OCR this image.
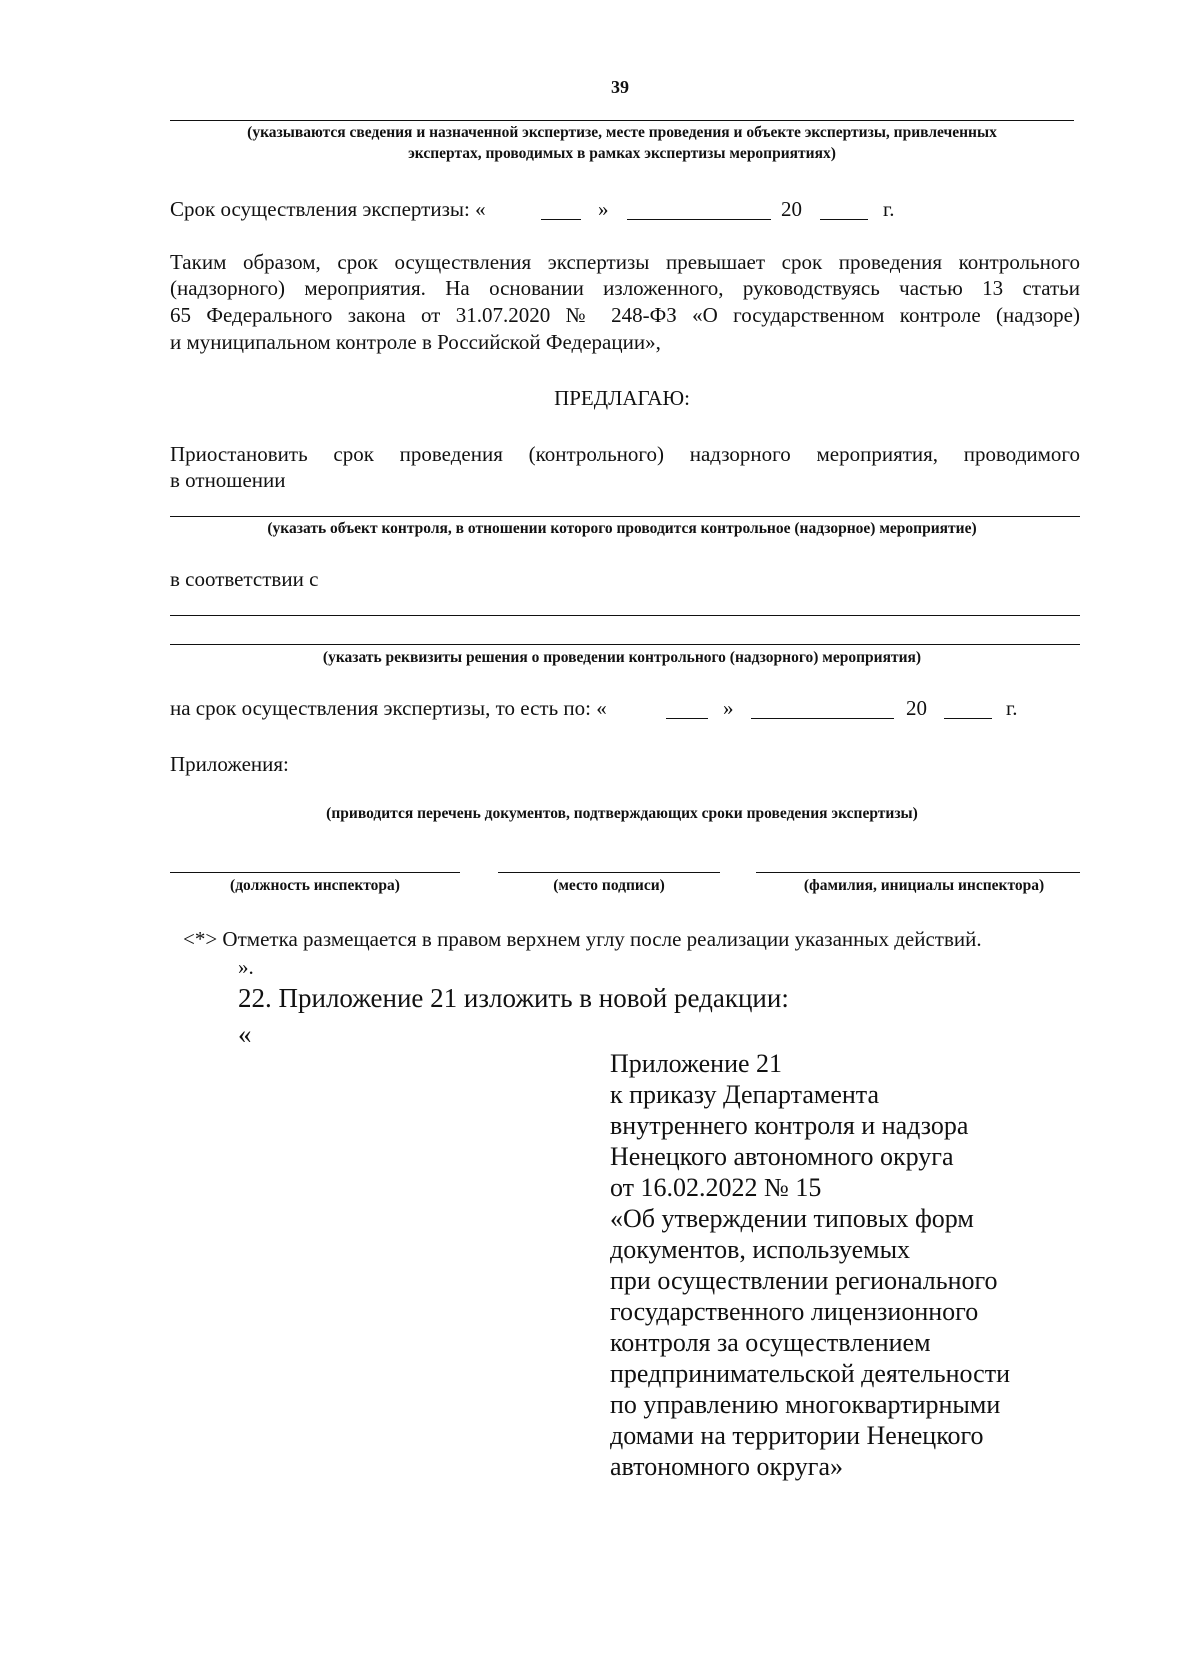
39
(указываются сведения и назначенной экспертизе, месте проведения и объекте экспертизы, привлеченных
экспертах, проводимых в рамках экспертизы мероприятиях)
Срок осуществления экспертизы: «	»	20	г.
Таким образом, срок осуществления экспертизы превышает срок проведения контрольного
(надзорного) мероприятия. На основании изложенного, руководствуясь частью 13 статьи
65 Федерального закона от 31.07.2020 № 248-ФЗ «О государственном контроле (надзоре)
и муниципальном контроле в Российской Федерации»,
ПРЕДЛАГАЮ:
Приостановить срок проведения (контрольного) надзорного мероприятия, проводимого
в отношении
(указать объект контроля, в отношении которого проводится контрольное (надзорное) мероприятие)
в соответствии с
(указать реквизиты решения о проведении контрольного (надзорного) мероприятия)
на срок осуществления экспертизы, то есть по: «	»	20	г.
Приложения:
(приводится перечень документов, подтверждающих сроки проведения экспертизы)
(должность инспектора)	(место подписи)	(фамилия, инициалы инспектора)
<*> Отметка размещается в правом верхнем углу после реализации указанных действий.
».
22. Приложение 21 изложить в новой редакции:
«
Приложение 21
к приказу Департамента
внутреннего контроля и надзора
Ненецкого автономного округа
от 16.02.2022 № 15
«Об утверждении типовых форм
документов, используемых
при осуществлении регионального
государственного лицензионного
контроля за осуществлением
предпринимательской деятельности
по управлению многоквартирными
домами на территории Ненецкого
автономного округа»
